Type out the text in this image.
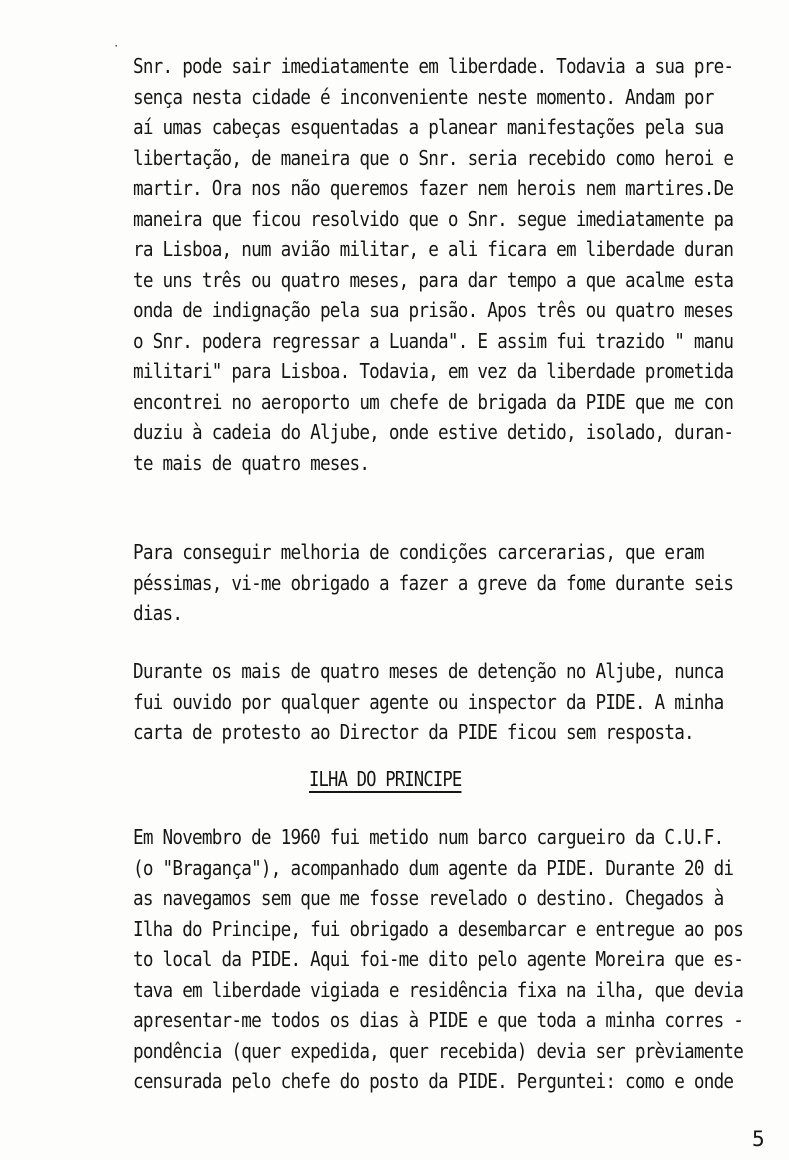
˙
Snr. pode sair imediatamente em liberdade. Todavia a sua pre-
sença nesta cidade é inconveniente neste momento. Andam por
aí umas cabeças esquentadas a planear manifestações pela sua
libertação, de maneira que o Snr. seria recebido como heroi e
martir. Ora nos não queremos fazer nem herois nem martires.De
maneira que ficou resolvido que o Snr. segue imediatamente pa
ra Lisboa, num avião militar, e ali ficara em liberdade duran
te uns três ou quatro meses, para dar tempo a que acalme esta
onda de indignação pela sua prisão. Apos três ou quatro meses
o Snr. podera regressar a Luanda". E assim fui trazido " manu
militari" para Lisboa. Todavia, em vez da liberdade prometida
encontrei no aeroporto um chefe de brigada da PIDE que me con
duziu à cadeia do Aljube, onde estive detido, isolado, duran-
te mais de quatro meses.
Para conseguir melhoria de condições carcerarias, que eram
péssimas, vi-me obrigado a fazer a greve da fome durante seis
dias.
Durante os mais de quatro meses de detenção no Aljube, nunca
fui ouvido por qualquer agente ou inspector da PIDE. A minha
carta de protesto ao Director da PIDE ficou sem resposta.
ILHA DO PRINCIPE
Em Novembro de 1960 fui metido num barco cargueiro da C.U.F.
(o "Bragança"), acompanhado dum agente da PIDE. Durante 20 di
as navegamos sem que me fosse revelado o destino. Chegados à
Ilha do Principe, fui obrigado a desembarcar e entregue ao pos
to local da PIDE. Aqui foi-me dito pelo agente Moreira que es-
tava em liberdade vigiada e residência fixa na ilha, que devia
apresentar-me todos os dias à PIDE e que toda a minha corres -
pondência (quer expedida, quer recebida) devia ser prèviamente
censurada pelo chefe do posto da PIDE. Perguntei: como e onde
5
